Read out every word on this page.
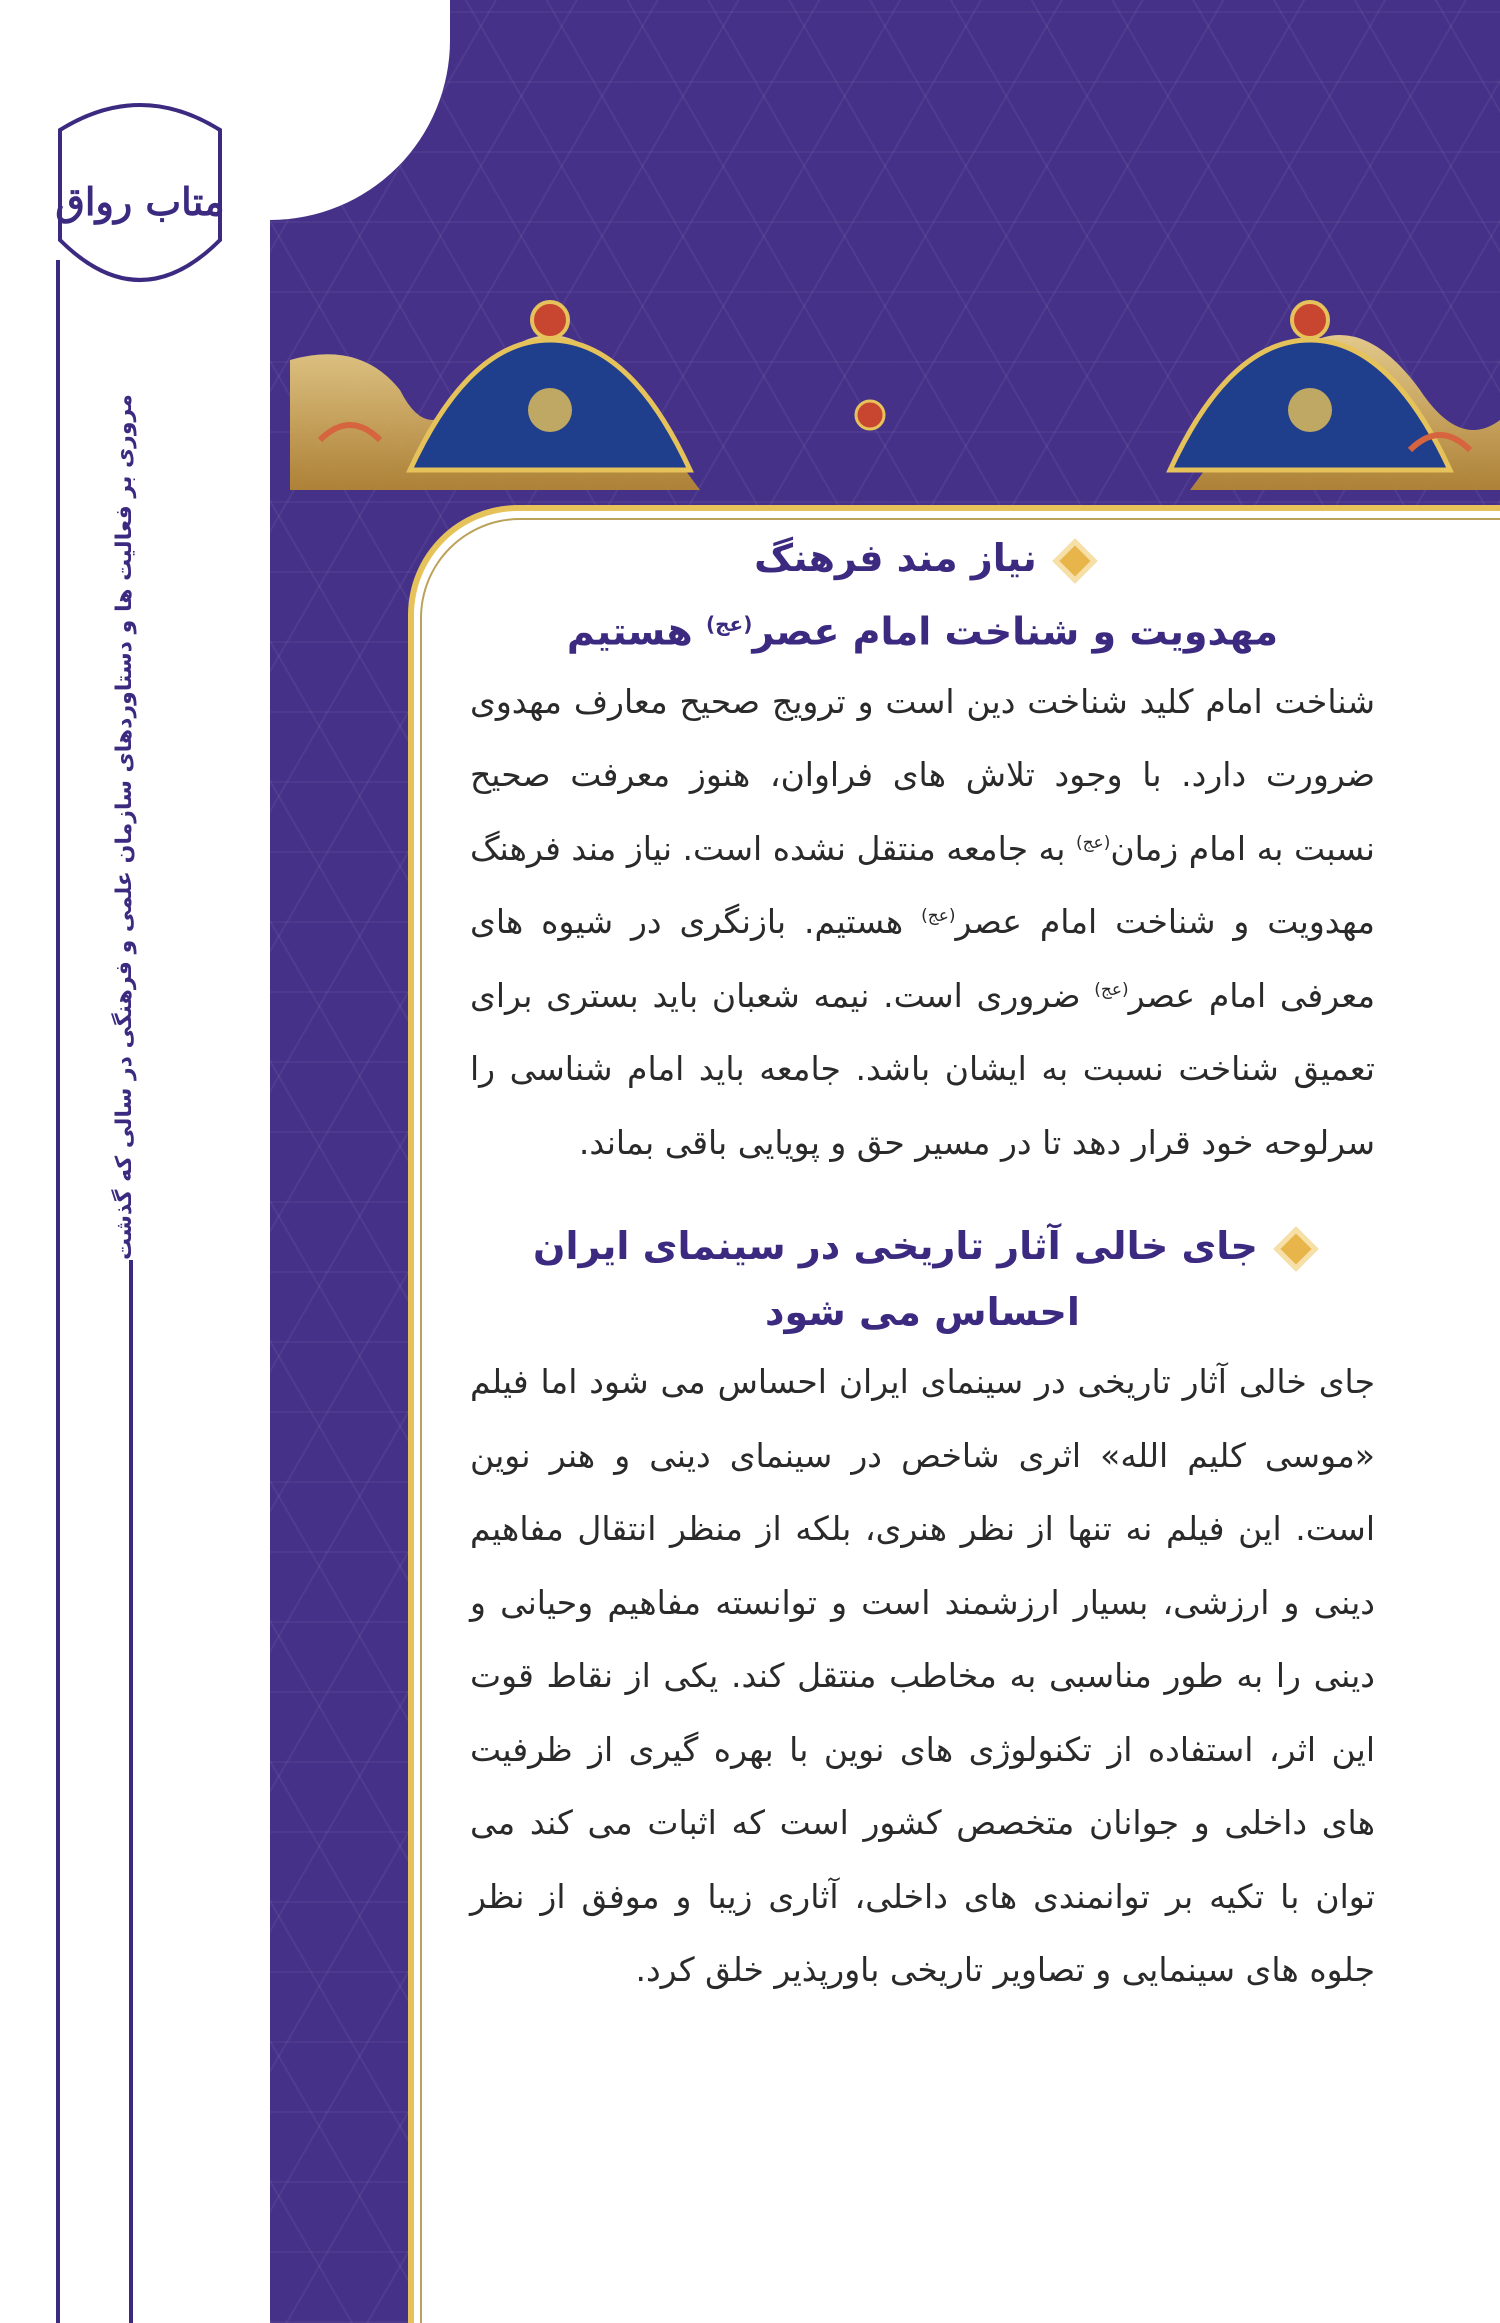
متاب رواق
مروری بر فعالیت ها و دستاوردهای سازمان علمی و فرهنگی در سالی که گذشت	نیاز مند فرهنگ
مهدویت و شناخت امام عصر$^{(عج)}$ هستیم

شناخت امام کلید شناخت دین است و ترویج صحیح معارف مهدوی ضرورت دارد. با وجود تلاش های فراوان، هنوز معرفت صحیح نسبت به امام زمان$^{(عج)}$ به جامعه منتقل نشده است. نیاز مند فرهنگ مهدویت و شناخت امام عصر$^{(عج)}$ هستیم. بازنگری در شیوه های معرفی امام عصر$^{(عج)}$ ضروری است. نیمه شعبان باید بستری برای تعمیق شناخت نسبت به ایشان باشد. جامعه باید امام شناسی را سرلوحه خود قرار دهد تا در مسیر حق و پویایی باقی بماند.

جای خالی آثار تاریخی در سینمای ایران
احساس می شود

جای خالی آثار تاریخی در سینمای ایران احساس می شود اما فیلم «موسی کلیم الله» اثری شاخص در سینمای دینی و هنر نوین است. این فیلم نه تنها از نظر هنری، بلکه از منظر انتقال مفاهیم دینی و ارزشی، بسیار ارزشمند است و توانسته مفاهیم وحیانی و دینی را به طور مناسبی به مخاطب منتقل کند. یکی از نقاط قوت این اثر، استفاده از تکنولوژی های نوین با بهره گیری از ظرفیت های داخلی و جوانان متخصص کشور است که اثبات می کند می توان با تکیه بر توانمندی های داخلی، آثاری زیبا و موفق از نظر جلوه های سینمایی و تصاویر تاریخی باورپذیر خلق کرد.
